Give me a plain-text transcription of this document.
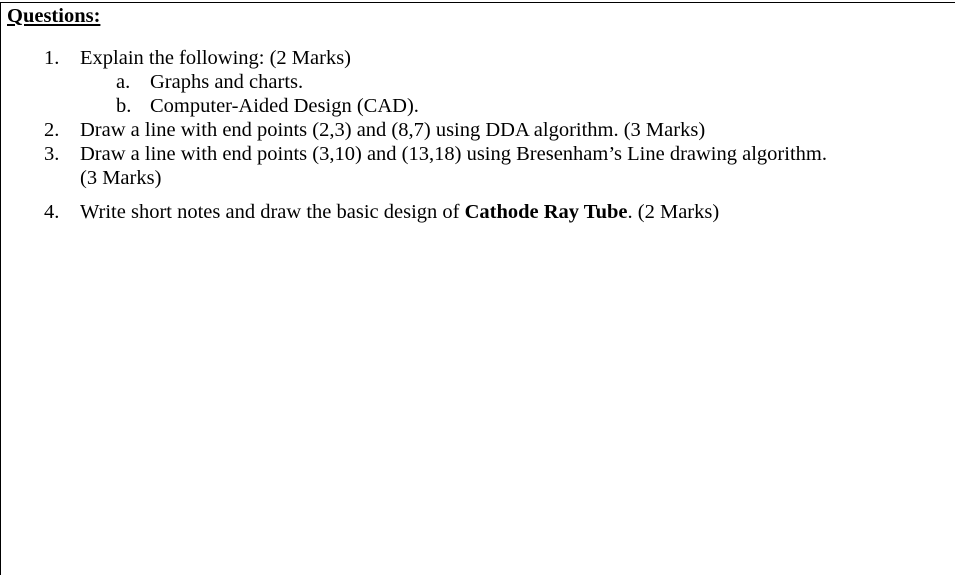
Questions:
1. Explain the following: (2 Marks)
a. Graphs and charts.
b. Computer-Aided Design (CAD).
2. Draw a line with end points (2,3) and (8,7) using DDA algorithm. (3 Marks)
3. Draw a line with end points (3,10) and (13,18) using Bresenham’s Line drawing algorithm.
(3 Marks)
4. Write short notes and draw the basic design of Cathode Ray Tube. (2 Marks)
